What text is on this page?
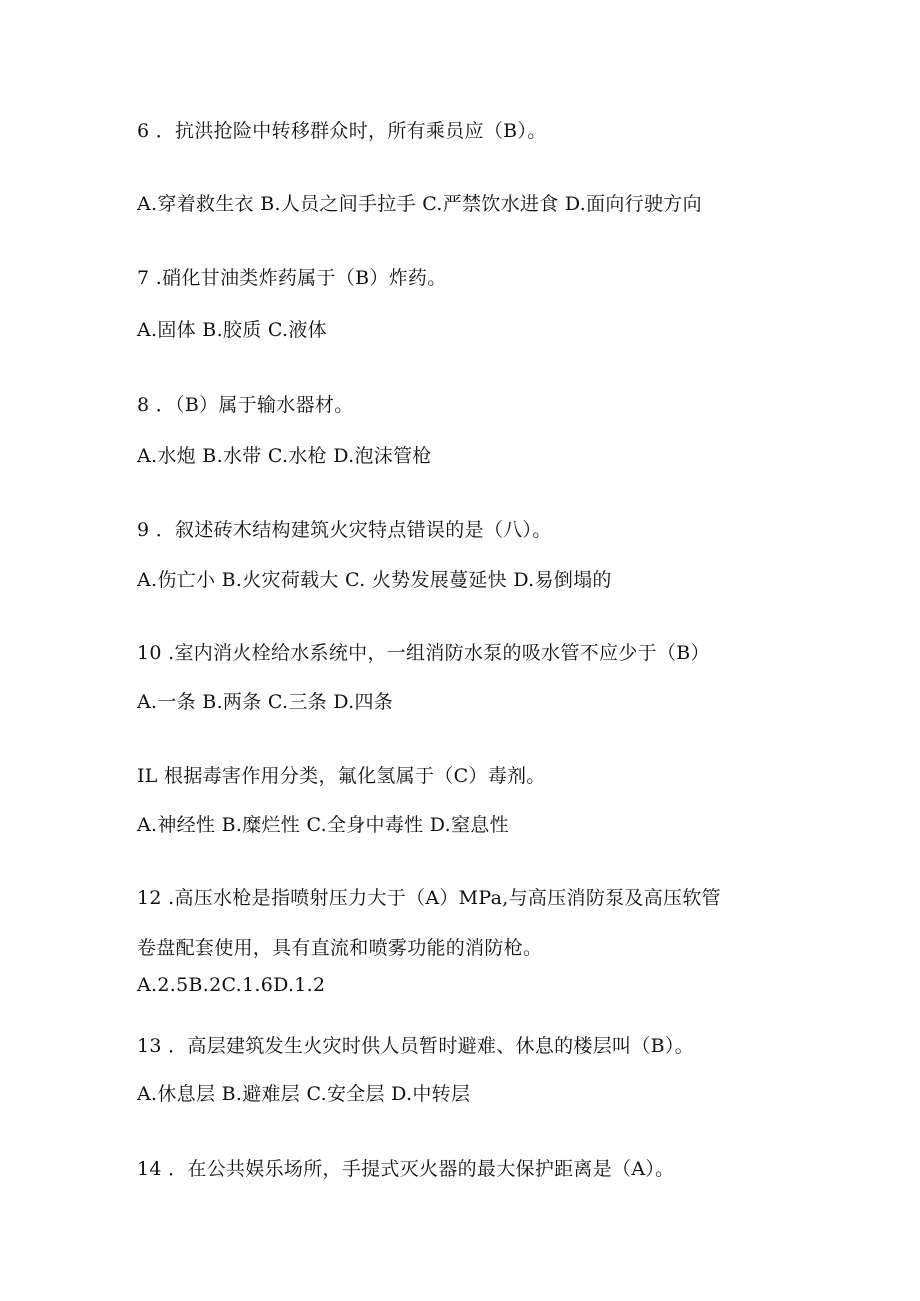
6 ．抗洪抢险中转移群众时，所有乘员应（B）。
A.穿着救生衣 B.人员之间手拉手 C.严禁饮水进食 D.面向行驶方向
7 .硝化甘油类炸药属于（B）炸药。
A.固体 B.胶质 C.液体
8 ．（B）属于输水器材。
A.水炮 B.水带 C.水枪 D.泡沫管枪
9 ．叙述砖木结构建筑火灾特点错误的是（八）。
A.伤亡小 B.火灾荷载大 C. 火势发展蔓延快 D.易倒塌的
10 .室内消火栓给水系统中，一组消防水泵的吸水管不应少于（B）
A.一条 B.两条 C.三条 D.四条
IL 根据毒害作用分类，氟化氢属于（C）毒剂。
A.神经性 B.糜烂性 C.全身中毒性 D.窒息性
12 .高压水枪是指喷射压力大于（A）MPa,与高压消防泵及高压软管
卷盘配套使用，具有直流和喷雾功能的消防枪。
A.2.5B.2C.1.6D.1.2
13 ．高层建筑发生火灾时供人员暂时避难、休息的楼层叫（B）。
A.休息层 B.避难层 C.安全层 D.中转层
14 ．在公共娱乐场所，手提式灭火器的最大保护距离是（A）。
